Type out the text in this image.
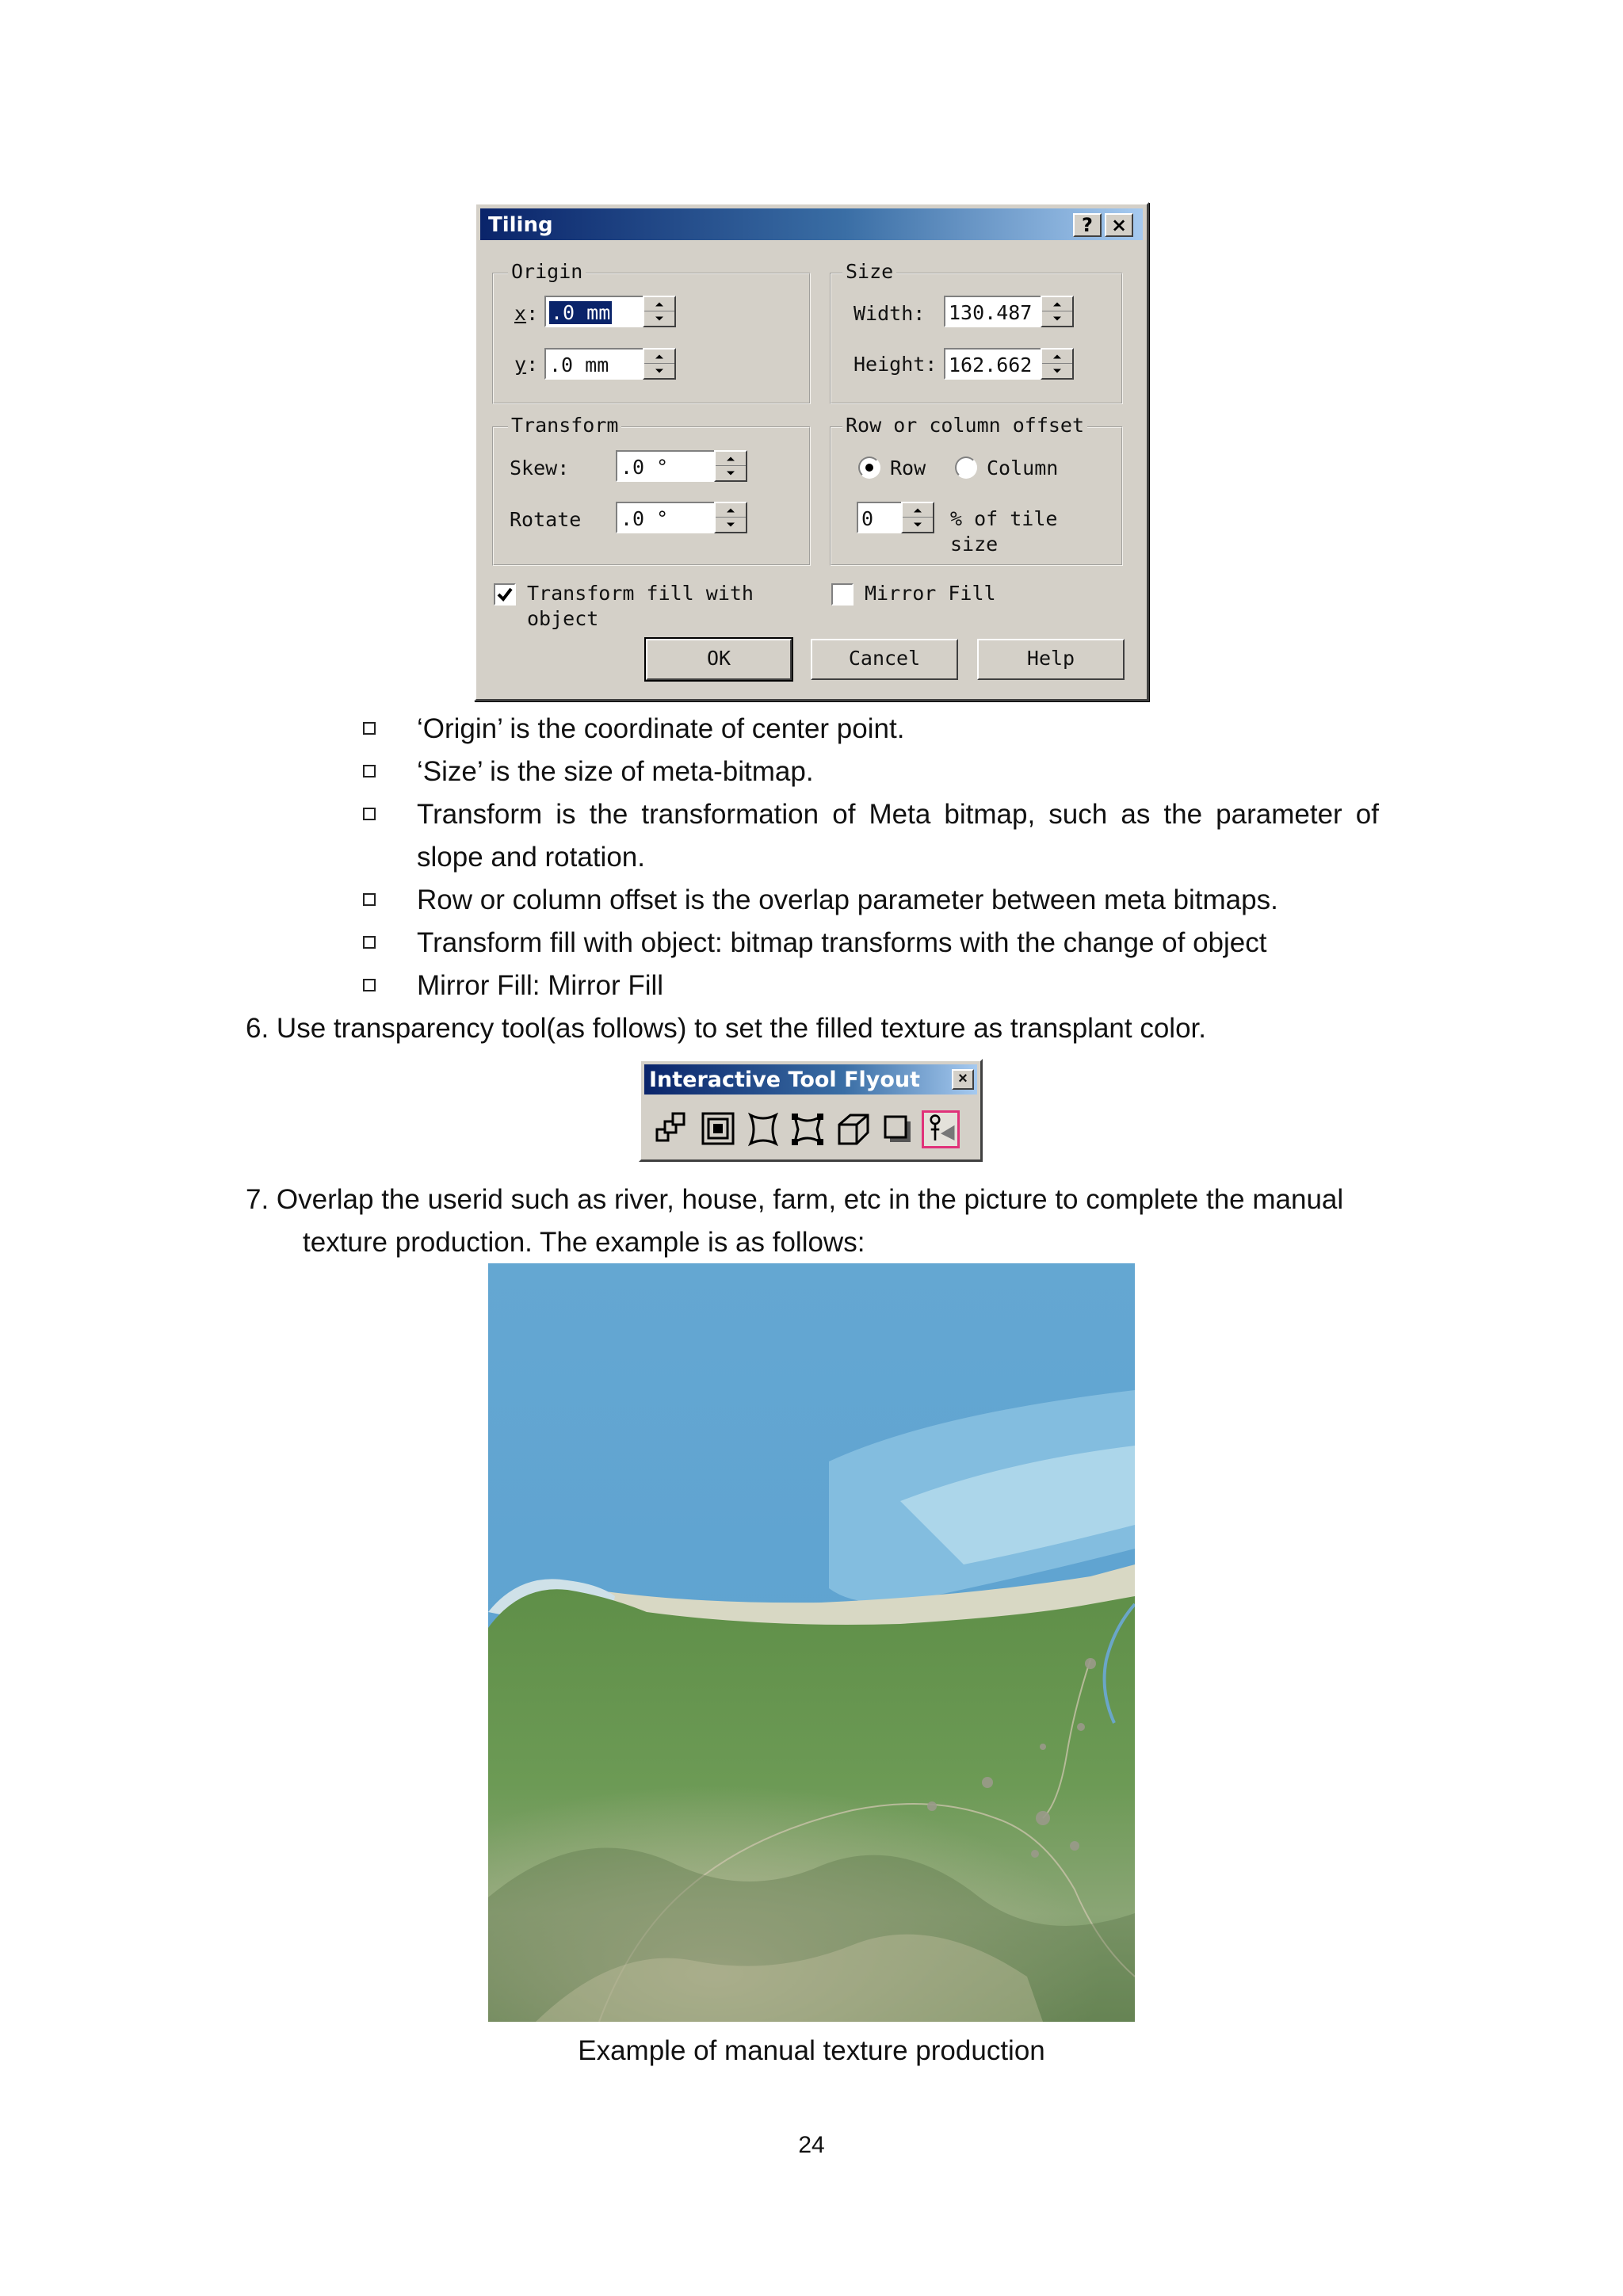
Tiling	? ×
Origin
x: .0 mm
y: .0 mm
Size
Width: 130.487
Height: 162.662
Transform
Skew:	.0 °
Rotate .0 °
Row or column offset
Row	Column
0	% of tile
size
Transform fill with
object
Mirror Fill
OK	Cancel	Help
‘Origin’ is the coordinate of center point.
‘Size’ is the size of meta-bitmap.
Transform is the transformation of Meta bitmap, such as the parameter of
slope and rotation.
Row or column offset is the overlap parameter between meta bitmaps.
Transform fill with object: bitmap transforms with the change of object
Mirror Fill: Mirror Fill
6. Use transparency tool(as follows) to set the filled texture as transplant color.
Interactive Tool Flyout	×
7. Overlap the userid such as river, house, farm, etc in the picture to complete the manual
texture production. The example is as follows:
Example of manual texture production
24
